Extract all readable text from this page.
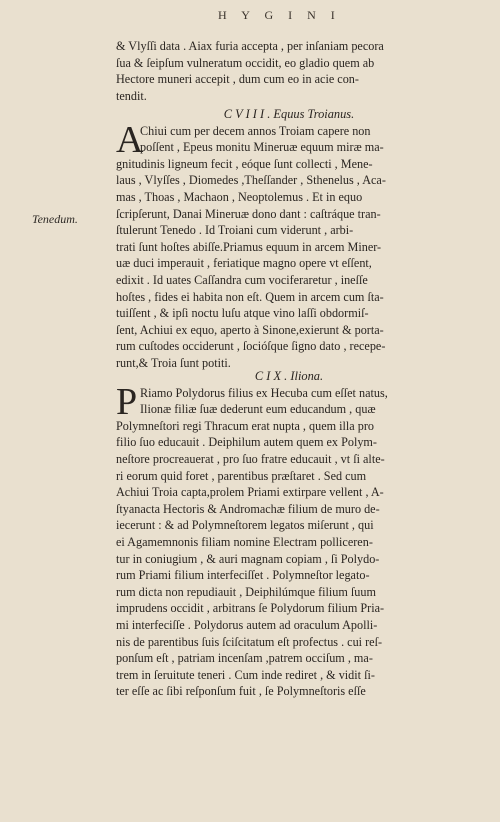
H Y G I N I
Tenedum.
& Vlyſſi data . Aiax furia accepta , per inſaniam pecora
ſua & ſeipſum vulneratum occidit, eo gladio quem ab
Hectore muneri accepit , dum cum eo in acie con-
tendit.
C V I I I . Equus Troianus.
A
Chiui cum per decem annos Troiam capere non
poſſent , Epeus monitu Mineruæ equum miræ ma-
gnitudinis ligneum fecit , eóque ſunt collecti , Mene-
laus , Vlyſſes , Diomedes ,Theſſander , Sthenelus , Aca-
mas , Thoas , Machaon , Neoptolemus . Et in equo
ſcripſerunt, Danai Mineruæ dono dant : caſtráque tran-
ſtulerunt Tenedo . Id Troiani cum viderunt , arbi-
trati ſunt hoſtes abiſſe.Priamus equum in arcem Miner-
uæ duci imperauit , feriatique magno opere vt eſſent,
edixit . Id uates Caſſandra cum vociferaretur , ineſſe
hoſtes , fides ei habita non eſt. Quem in arcem cum ſta-
tuiſſent , & ipſi noctu luſu atque vino laſſi obdormiſ-
ſent, Achiui ex equo, aperto à Sinone,exierunt & porta-
rum cuſtodes occiderunt , ſocióſque ſigno dato , recepe-
runt,& Troia ſunt potiti.
C I X . Iliona.
P Riamo Polydorus filius ex Hecuba cum eſſet natus,
Ilionæ filiæ ſuæ dederunt eum educandum , quæ
Polymneſtori regi Thracum erat nupta , quem illa pro
filio ſuo educauit . Deiphilum autem quem ex Polym-
neſtore procreauerat , pro ſuo fratre educauit , vt ſi alte-
ri eorum quid foret , parentibus præſtaret . Sed cum
Achiui Troia capta,prolem Priami extirpare vellent , A-
ſtyanacta Hectoris & Andromachæ filium de muro de-
iecerunt : & ad Polymneſtorem legatos miſerunt , qui
ei Agamemnonis filiam nomine Electram polliceren-
tur in coniugium , & auri magnam copiam , ſi Polydo-
rum Priami filium interfeciſſet . Polymneſtor legato-
rum dicta non repudiauit , Deiphilúmque filium ſuum
imprudens occidit , arbitrans ſe Polydorum filium Pria-
mi interfeciſſe . Polydorus autem ad oraculum Apolli-
nis de parentibus ſuis ſciſcitatum eſt profectus . cui reſ-
ponſum eſt , patriam incenſam ,patrem occiſum , ma-
trem in ſeruitute teneri . Cum inde rediret , & vidit ſi-
ter eſſe ac ſibi reſponſum fuit , ſe Polymneſtoris eſſe
